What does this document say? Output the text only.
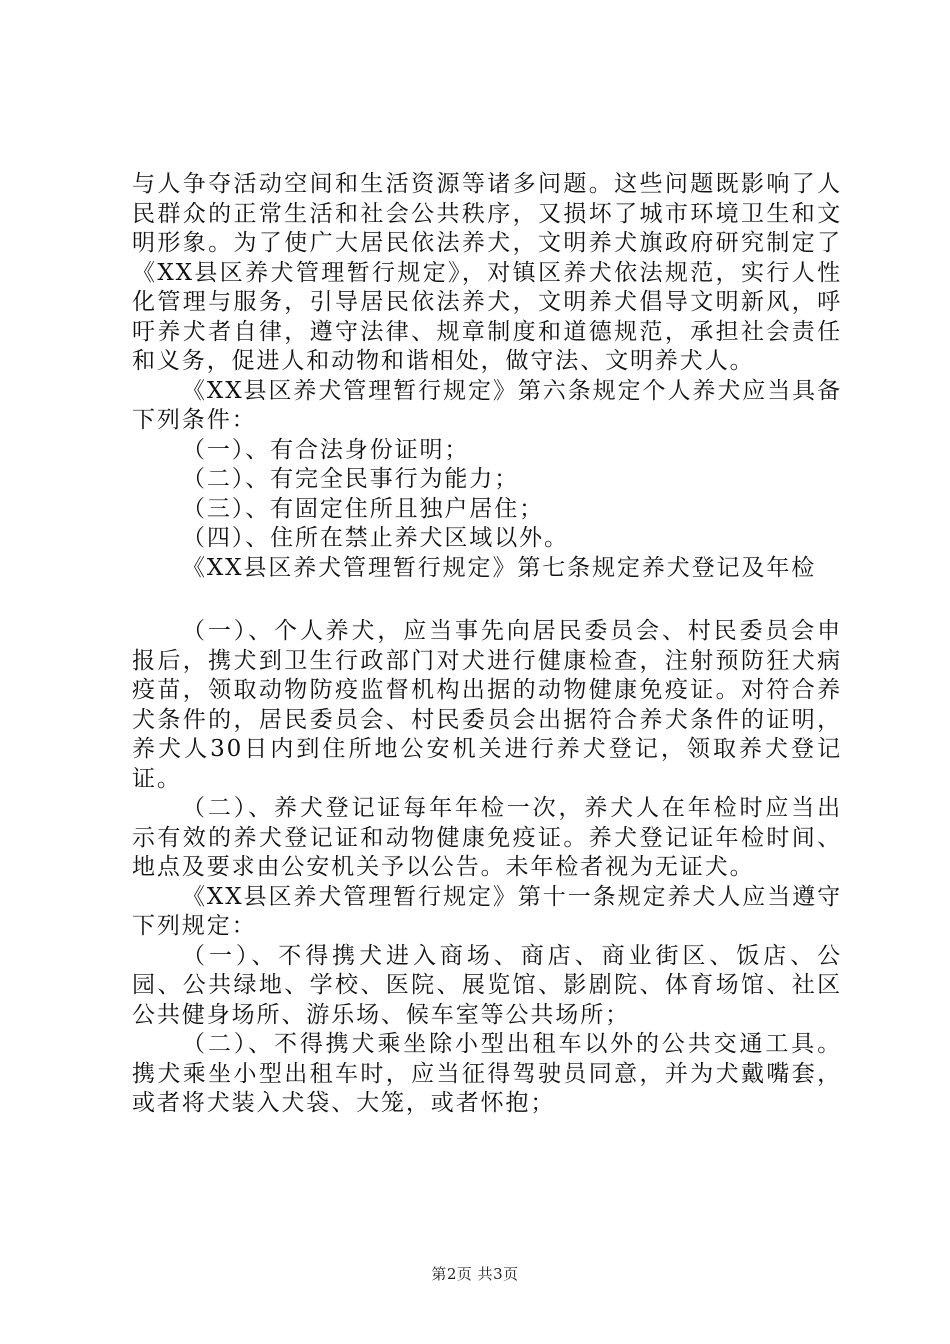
与人争夺活动空间和生活资源等诸多问题。这些问题既影响了人民群众的正常生活和社会公共秩序，又损坏了城市环境卫生和文明形象。为了使广大居民依法养犬，文明养犬旗政府研究制定了《XX县区养犬管理暂行规定》，对镇区养犬依法规范，实行人性化管理与服务，引导居民依法养犬，文明养犬倡导文明新风，呼吁养犬者自律，遵守法律、规章制度和道德规范，承担社会责任和义务，促进人和动物和谐相处，做守法、文明养犬人。

《XX县区养犬管理暂行规定》第六条规定个人养犬应当具备下列条件：

（一）、有合法身份证明；

（二）、有完全民事行为能力；

（三）、有固定住所且独户居住；

（四）、住所在禁止养犬区域以外。

《XX县区养犬管理暂行规定》第七条规定养犬登记及年检

（一）、个人养犬，应当事先向居民委员会、村民委员会申报后，携犬到卫生行政部门对犬进行健康检查，注射预防狂犬病疫苗，领取动物防疫监督机构出据的动物健康免疫证。对符合养犬条件的，居民委员会、村民委员会出据符合养犬条件的证明，养犬人30日内到住所地公安机关进行养犬登记，领取养犬登记证。

（二）、养犬登记证每年年检一次，养犬人在年检时应当出示有效的养犬登记证和动物健康免疫证。养犬登记证年检时间、地点及要求由公安机关予以公告。未年检者视为无证犬。

《XX县区养犬管理暂行规定》第十一条规定养犬人应当遵守下列规定：

（一）、不得携犬进入商场、商店、商业街区、饭店、公园、公共绿地、学校、医院、展览馆、影剧院、体育场馆、社区公共健身场所、游乐场、候车室等公共场所；

（二）、不得携犬乘坐除小型出租车以外的公共交通工具。携犬乘坐小型出租车时，应当征得驾驶员同意，并为犬戴嘴套，或者将犬装入犬袋、大笼，或者怀抱；

第2页 共3页
